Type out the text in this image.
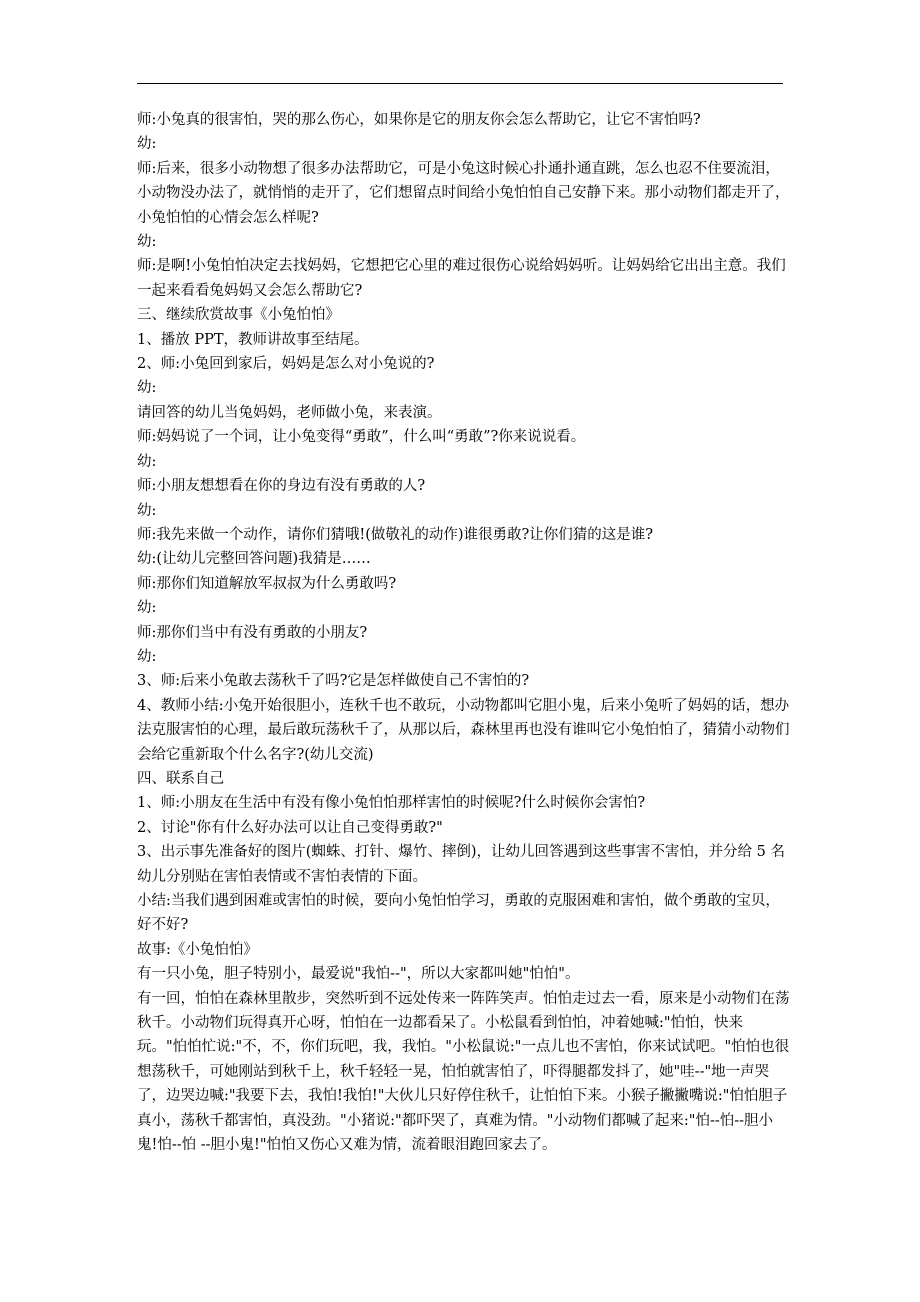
师:小兔真的很害怕，哭的那么伤心，如果你是它的朋友你会怎么帮助它，让它不害怕吗?

幼:

师:后来，很多小动物想了很多办法帮助它，可是小兔这时候心扑通扑通直跳，怎么也忍不住要流泪，小动物没办法了，就悄悄的走开了，它们想留点时间给小兔怕怕自己安静下来。那小动物们都走开了，小兔怕怕的心情会怎么样呢?

幼:

师:是啊!小兔怕怕决定去找妈妈，它想把它心里的难过很伤心说给妈妈听。让妈妈给它出出主意。我们一起来看看兔妈妈又会怎么帮助它?

三、继续欣赏故事《小兔怕怕》

1、播放 PPT，教师讲故事至结尾。

2、师:小兔回到家后，妈妈是怎么对小兔说的?

幼:

请回答的幼儿当兔妈妈，老师做小兔，来表演。

师:妈妈说了一个词，让小兔变得“勇敢”，什么叫“勇敢”?你来说说看。

幼:

师:小朋友想想看在你的身边有没有勇敢的人?

幼:

师:我先来做一个动作，请你们猜哦!(做敬礼的动作)谁很勇敢?让你们猜的这是谁?

幼:(让幼儿完整回答问题)我猜是……

师:那你们知道解放军叔叔为什么勇敢吗?

幼:

师:那你们当中有没有勇敢的小朋友?

幼:

3、师:后来小兔敢去荡秋千了吗?它是怎样做使自己不害怕的?

4、教师小结:小兔开始很胆小，连秋千也不敢玩，小动物都叫它胆小鬼，后来小兔听了妈妈的话，想办法克服害怕的心理，最后敢玩荡秋千了，从那以后，森林里再也没有谁叫它小兔怕怕了，猜猜小动物们会给它重新取个什么名字?(幼儿交流)

四、联系自己

1、师:小朋友在生活中有没有像小兔怕怕那样害怕的时候呢?什么时候你会害怕?

2、讨论"你有什么好办法可以让自己变得勇敢?"

3、出示事先准备好的图片(蜘蛛、打针、爆竹、摔倒)，让幼儿回答遇到这些事害不害怕，并分给 5 名幼儿分别贴在害怕表情或不害怕表情的下面。

小结:当我们遇到困难或害怕的时候，要向小兔怕怕学习，勇敢的克服困难和害怕，做个勇敢的宝贝，好不好?

故事:《小兔怕怕》

有一只小兔，胆子特别小，最爱说"我怕--"，所以大家都叫她"怕怕"。

有一回，怕怕在森林里散步，突然听到不远处传来一阵阵笑声。怕怕走过去一看，原来是小动物们在荡秋千。小动物们玩得真开心呀，怕怕在一边都看呆了。小松鼠看到怕怕，冲着她喊:"怕怕，快来玩。"怕怕忙说:"不，不，你们玩吧，我，我怕。"小松鼠说:"一点儿也不害怕，你来试试吧。"怕怕也很想荡秋千，可她刚站到秋千上，秋千轻轻一晃，怕怕就害怕了，吓得腿都发抖了，她"哇--"地一声哭了，边哭边喊:"我要下去，我怕!我怕!"大伙儿只好停住秋千，让怕怕下来。小猴子撇撇嘴说:"怕怕胆子真小，荡秋千都害怕，真没劲。"小猪说:"都吓哭了，真难为情。"小动物们都喊了起来:"怕--怕--胆小鬼!怕--怕 --胆小鬼!"怕怕又伤心又难为情，流着眼泪跑回家去了。
